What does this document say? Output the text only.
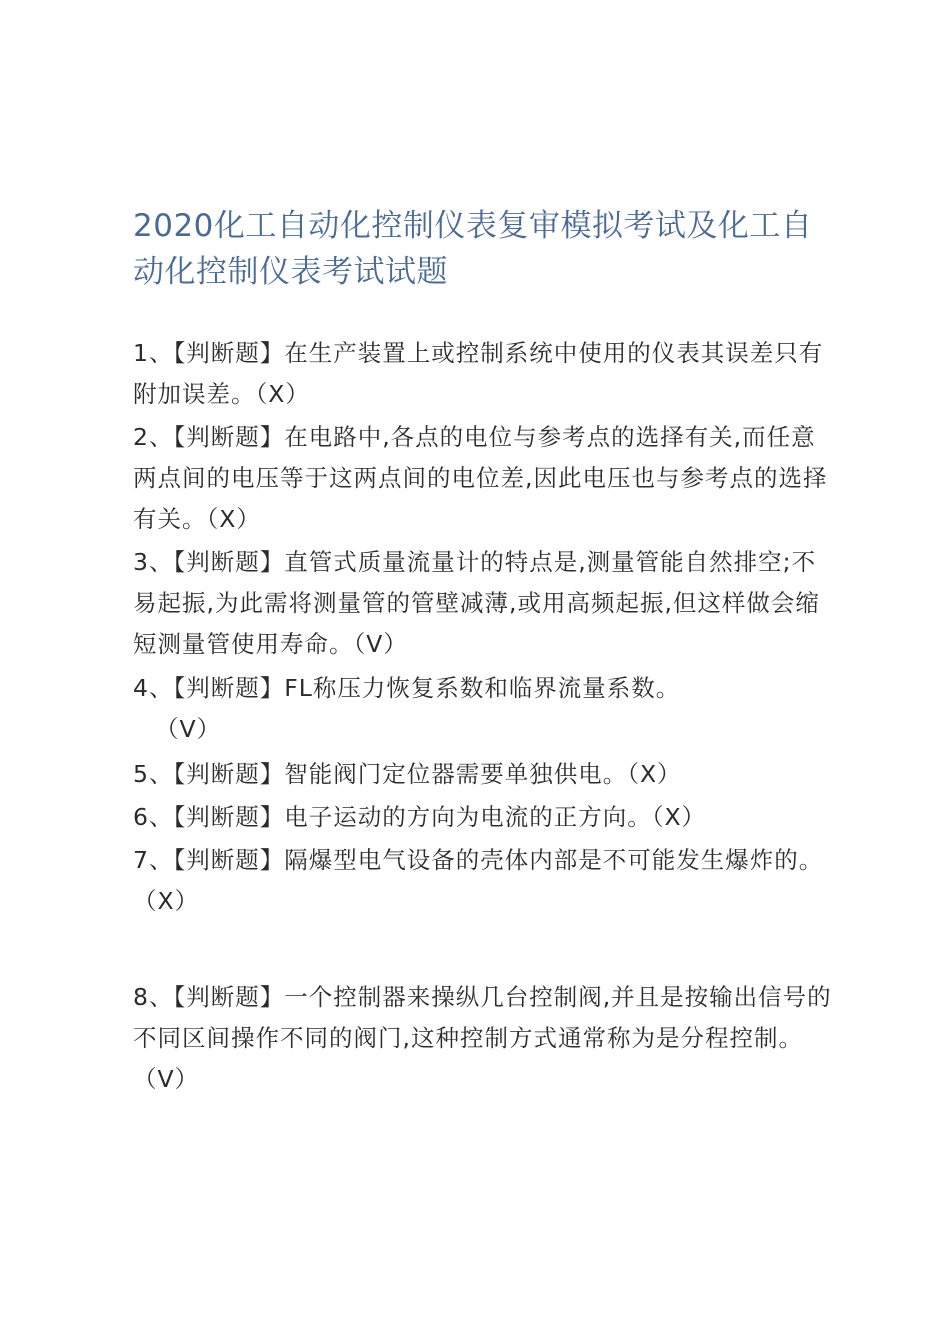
2020化工自动化控制仪表复审模拟考试及化工自动化控制仪表考试试题

1、【判断题】在生产装置上或控制系统中使用的仪表其误差只有附加误差。（X）

2、【判断题】在电路中,各点的电位与参考点的选择有关,而任意两点间的电压等于这两点间的电位差,因此电压也与参考点的选择有关。（X）

3、【判断题】直管式质量流量计的特点是,测量管能自然排空;不易起振,为此需将测量管的管壁减薄,或用高频起振,但这样做会缩短测量管使用寿命。（V）

4、【判断题】FL称压力恢复系数和临界流量系数。
（V）

5、【判断题】智能阀门定位器需要单独供电。（X）

6、【判断题】电子运动的方向为电流的正方向。（X）

7、【判断题】隔爆型电气设备的壳体内部是不可能发生爆炸的。（X）

8、【判断题】一个控制器来操纵几台控制阀,并且是按输出信号的不同区间操作不同的阀门,这种控制方式通常称为是分程控制。（V）
